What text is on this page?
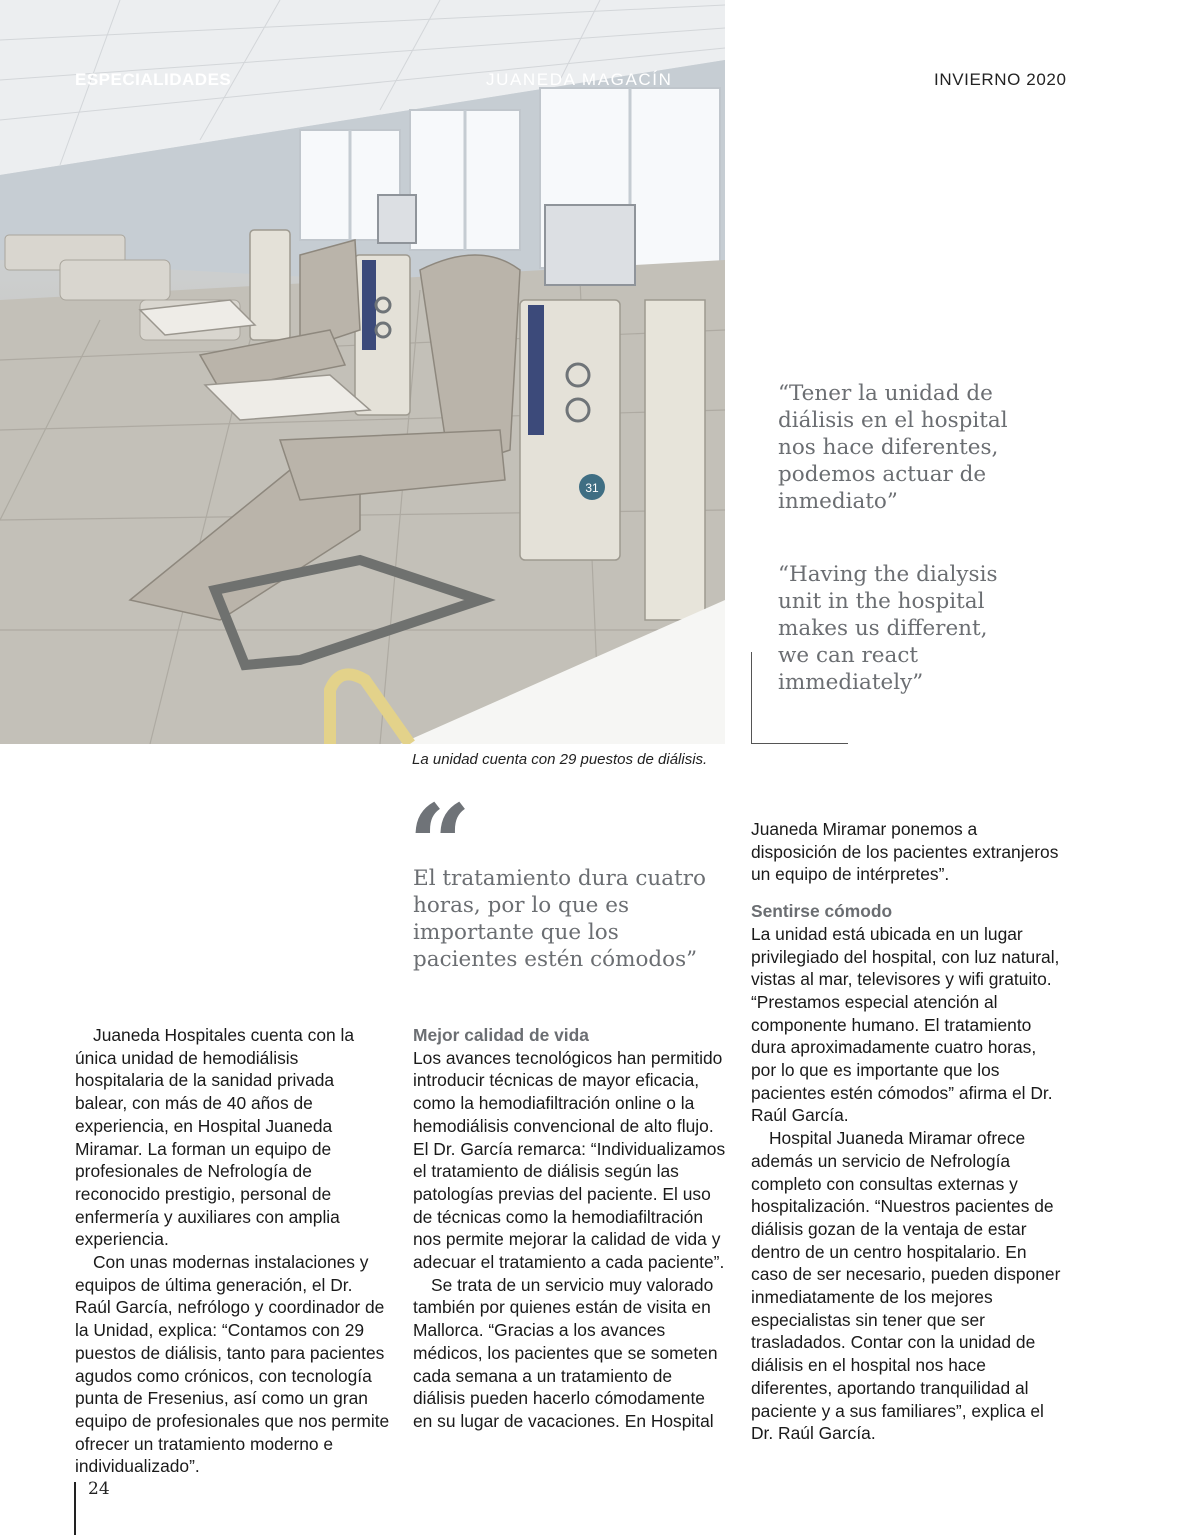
31
ESPECIALIDADES	JUANEDA MAGACÍN	INVIERNO 2020
La unidad cuenta con 29 puestos de diálisis.
“Tener la unidad de diálisis en el hospital nos hace diferentes, podemos actuar de inmediato”
“Having the dialysis unit in the hospital makes us different, we can react immediately”
“
El tratamiento dura cuatro horas, por lo que es importante que los pacientes estén cómodos”

Juaneda Hospitales cuenta con la única unidad de hemodiálisis hospitalaria de la sanidad privada balear, con más de 40 años de experiencia, en Hospital Juaneda Miramar. La forman un equipo de profesionales de Nefrología de reconocido prestigio, personal de enfermería y auxiliares con amplia experiencia.

Con unas modernas instalaciones y equipos de última generación, el Dr. Raúl García, nefrólogo y coordinador de la Unidad, explica: “Contamos con 29 puestos de diálisis, tanto para pacientes agudos como crónicos, con tecnología punta de Fresenius, así como un gran equipo de profesionales que nos permite ofrecer un tratamiento moderno e individualizado”.

Mejor calidad de vida

Los avances tecnológicos han permitido introducir técnicas de mayor eficacia, como la hemodiafiltración online o la hemodiálisis convencional de alto flujo. El Dr. García remarca: “Individualizamos el tratamiento de diálisis según las patologías previas del paciente. El uso de técnicas como la hemodiafiltración nos permite mejorar la calidad de vida y adecuar el tratamiento a cada paciente”.

Se trata de un servicio muy valorado también por quienes están de visita en Mallorca. “Gracias a los avances médicos, los pacientes que se someten cada semana a un tratamiento de diálisis pueden hacerlo cómodamente en su lugar de vacaciones. En Hospital

Juaneda Miramar ponemos a disposición de los pacientes extranjeros un equipo de intérpretes”.

Sentirse cómodo

La unidad está ubicada en un lugar privilegiado del hospital, con luz natural, vistas al mar, televisores y wifi gratuito. “Prestamos especial atención al componente humano. El tratamiento dura aproximadamente cuatro horas, por lo que es importante que los pacientes estén cómodos” afirma el Dr. Raúl García.

Hospital Juaneda Miramar ofrece además un servicio de Nefrología completo con consultas externas y hospitalización. “Nuestros pacientes de diálisis gozan de la ventaja de estar dentro de un centro hospitalario. En caso de ser necesario, pueden disponer inmediatamente de los mejores especialistas sin tener que ser trasladados. Contar con la unidad de diálisis en el hospital nos hace diferentes, aportando tranquilidad al paciente y a sus familiares”, explica el Dr. Raúl García.

24
